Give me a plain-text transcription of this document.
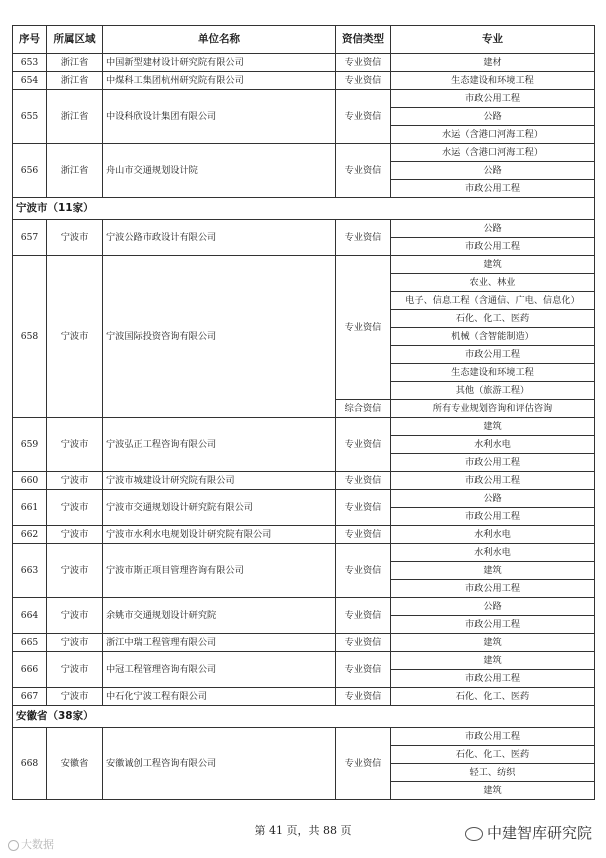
序号	所属区域	单位名称	资信类型	专业
653	浙江省	中国新型建材设计研究院有限公司	专业资信	建材
654	浙江省	中煤科工集团杭州研究院有限公司	专业资信	生态建设和环境工程
655	浙江省	中设科欣设计集团有限公司	专业资信	市政公用工程
				公路
				水运（含港口河海工程）
656	浙江省	舟山市交通规划设计院	专业资信	水运（含港口河海工程）
				公路
				市政公用工程
宁波市（11家）				
657	宁波市	宁波公路市政设计有限公司	专业资信	公路
				市政公用工程
658	宁波市	宁波国际投资咨询有限公司	专业资信	建筑
				农业、林业
				电子、信息工程（含通信、广电、信息化）
				石化、化工、医药
				机械（含智能制造）
				市政公用工程
				生态建设和环境工程
				其他（旅游工程）
			综合资信	所有专业规划咨询和评估咨询
659	宁波市	宁波弘正工程咨询有限公司	专业资信	建筑
				水利水电
				市政公用工程
660	宁波市	宁波市城建设计研究院有限公司	专业资信	市政公用工程
661	宁波市	宁波市交通规划设计研究院有限公司	专业资信	公路
				市政公用工程
662	宁波市	宁波市水利水电规划设计研究院有限公司	专业资信	水利水电
663	宁波市	宁波市斯正项目管理咨询有限公司	专业资信	水利水电
				建筑
				市政公用工程
664	宁波市	余姚市交通规划设计研究院	专业资信	公路
				市政公用工程
665	宁波市	浙江中瑞工程管理有限公司	专业资信	建筑
666	宁波市	中冠工程管理咨询有限公司	专业资信	建筑
				市政公用工程
667	宁波市	中石化宁波工程有限公司	专业资信	石化、化工、医药
安徽省（38家）				
668	安徽省	安徽诚创工程咨询有限公司	专业资信	市政公用工程
				石化、化工、医药
				轻工、纺织
				建筑
第 41 页，共 88 页
大数据
中建智库研究院
